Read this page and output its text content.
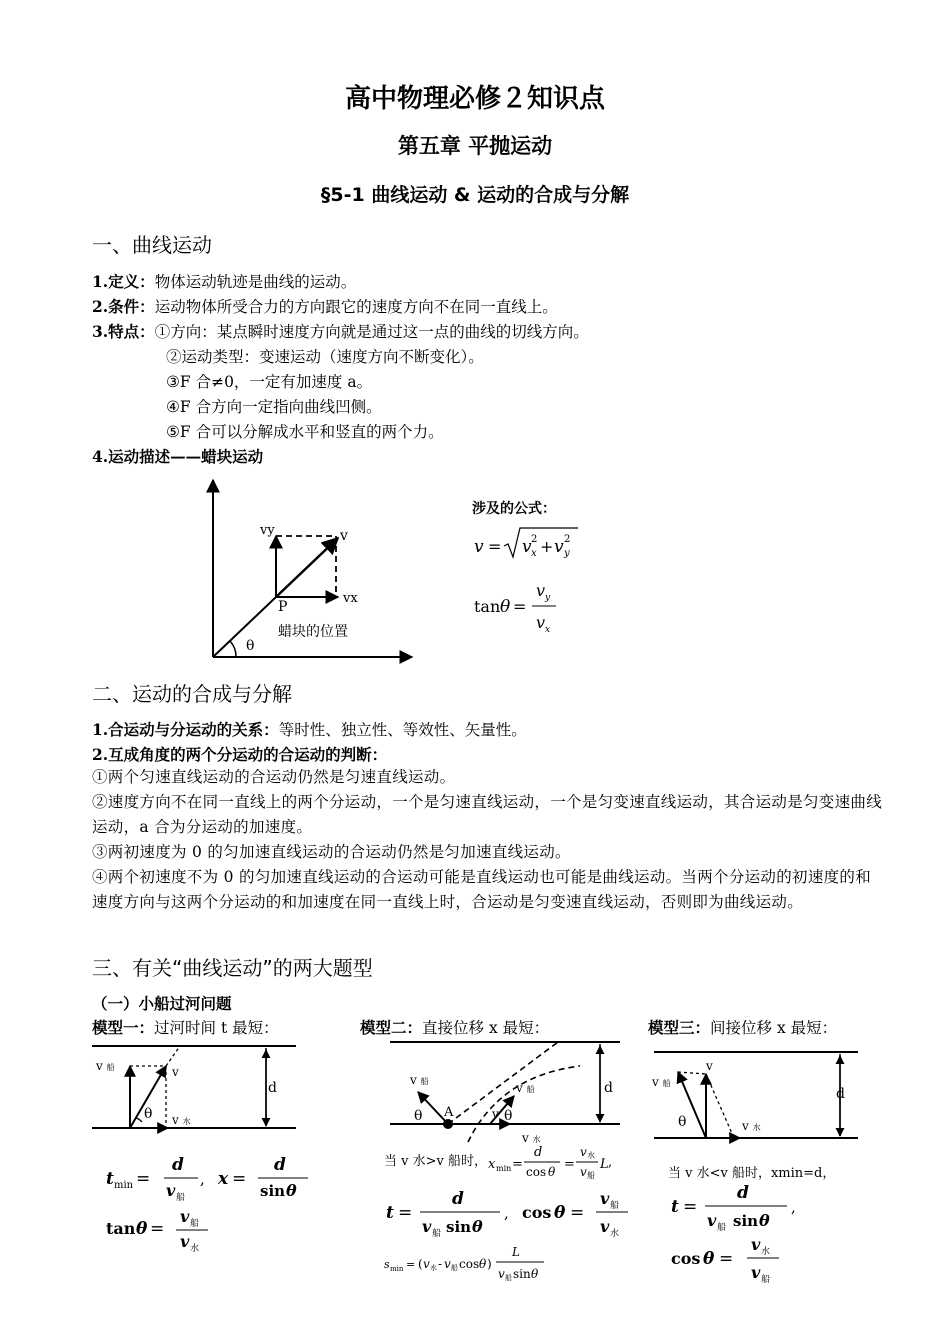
高中物理必修２知识点
第五章 平抛运动
§5-1 曲线运动 & 运动的合成与分解
一、曲线运动
1.定义：物体运动轨迹是曲线的运动。
2.条件：运动物体所受合力的方向跟它的速度方向不在同一直线上。
3.特点：①方向：某点瞬时速度方向就是通过这一点的曲线的切线方向。
②运动类型：变速运动（速度方向不断变化）。
③F 合≠0，一定有加速度 a。
④F 合方向一定指向曲线凹侧。
⑤F 合可以分解成水平和竖直的两个力。
4.运动描述——蜡块运动
vy	v
vx
P
蜡块的位置
θ
涉及的公式：
v = v 2
x + v 2
y
tan θ =
v y
v x
二、运动的合成与分解
1.合运动与分运动的关系：等时性、独立性、等效性、矢量性。
2.互成角度的两个分运动的合运动的判断：
①两个匀速直线运动的合运动仍然是匀速直线运动。
②速度方向不在同一直线上的两个分运动，一个是匀速直线运动，一个是匀变速直线运动，其合运动是匀变速曲线运动，a 合为分运动的加速度。
③两初速度为 0 的匀加速直线运动的合运动仍然是匀加速直线运动。
④两个初速度不为 0 的匀加速直线运动的合运动可能是直线运动也可能是曲线运动。当两个分运动的初速度的和速度方向与这两个分运动的和加速度在同一直线上时，合运动是匀变速直线运动，否则即为曲线运动。
三、有关“曲线运动”的两大题型
（一）小船过河问题
模型一：过河时间 t 最短：	模型二：直接位移 x 最短：	模型三：间接位移 x 最短：
v 船	v
θ v 水
d
t min =
d
v 船
, x =
d
sin θ
tan θ =
v 船
v 水
v 船	v 船
v
θ A	θ
v 水
d
当 v 水>v 船时， x min =
d
cos θ =
v 水
v 船
L ,
t =
d
v 船 sin θ
, cos θ =
v 船
v 水
s min = ( v 水 - v 船 cos θ )
L
v 船 sin θ
v 船
v
θ	v 水
d
当 v 水<v 船时，xmin=d，
t =
d
v 船 sin θ
,
cos θ =
v 水
v 船
